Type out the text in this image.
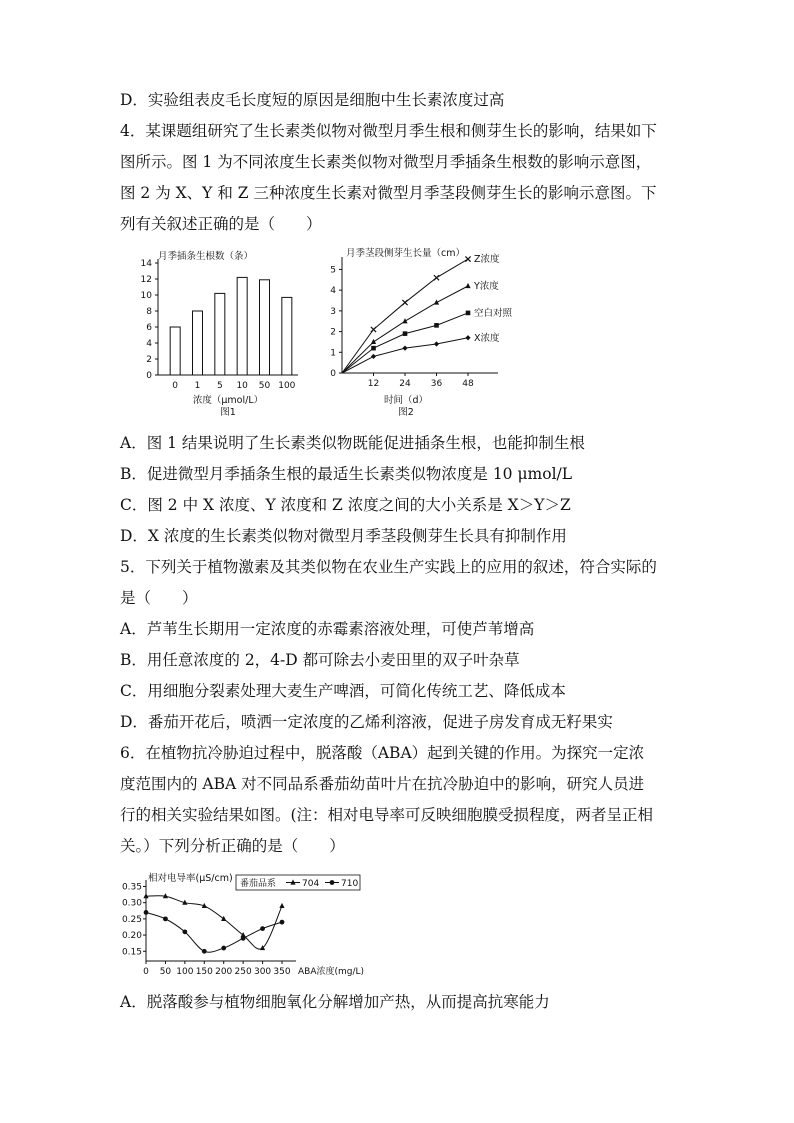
D．实验组表皮毛长度短的原因是细胞中生长素浓度过高
4．某课题组研究了生长素类似物对微型月季生根和侧芽生长的影响，结果如下
图所示。图 1 为不同浓度生长素类似物对微型月季插条生根数的影响示意图，
图 2 为 X、Y 和 Z 三种浓度生长素对微型月季茎段侧芽生长的影响示意图。下
列有关叙述正确的是（　　）
月季插条生根数（条）
0
2
4
6
8
10
12
14
0 1 5 10 50 100
浓度（μmol/L）
图1
月季茎段侧芽生长量（cm）
0
1
2
3
4
5
12 24 36 48
Z浓度
Y浓度
空白对照
X浓度
时间（d）
图2
A．图 1 结果说明了生长素类似物既能促进插条生根，也能抑制生根
B．促进微型月季插条生根的最适生长素类似物浓度是 10 μmol/L
C．图 2 中 X 浓度、Y 浓度和 Z 浓度之间的大小关系是 X＞Y＞Z
D．X 浓度的生长素类似物对微型月季茎段侧芽生长具有抑制作用
5．下列关于植物激素及其类似物在农业生产实践上的应用的叙述，符合实际的
是（　　）
A．芦苇生长期用一定浓度的赤霉素溶液处理，可使芦苇增高
B．用任意浓度的 2，4-D 都可除去小麦田里的双子叶杂草
C．用细胞分裂素处理大麦生产啤酒，可简化传统工艺、降低成本
D．番茄开花后，喷洒一定浓度的乙烯利溶液，促进子房发育成无籽果实
6．在植物抗冷胁迫过程中，脱落酸（ABA）起到关键的作用。为探究一定浓
度范围内的 ABA 对不同品系番茄幼苗叶片在抗冷胁迫中的影响，研究人员进
行的相关实验结果如图。(注：相对电导率可反映细胞膜受损程度，两者呈正相
关。）下列分析正确的是（　　）
相对电导率(μS/cm)
0.15
0.20
0.25
0.30
0.35
0 50 100 150 200 250 300 350 ABA浓度(mg/L)
番茄品系	704 710
A．脱落酸参与植物细胞氧化分解增加产热，从而提高抗寒能力
